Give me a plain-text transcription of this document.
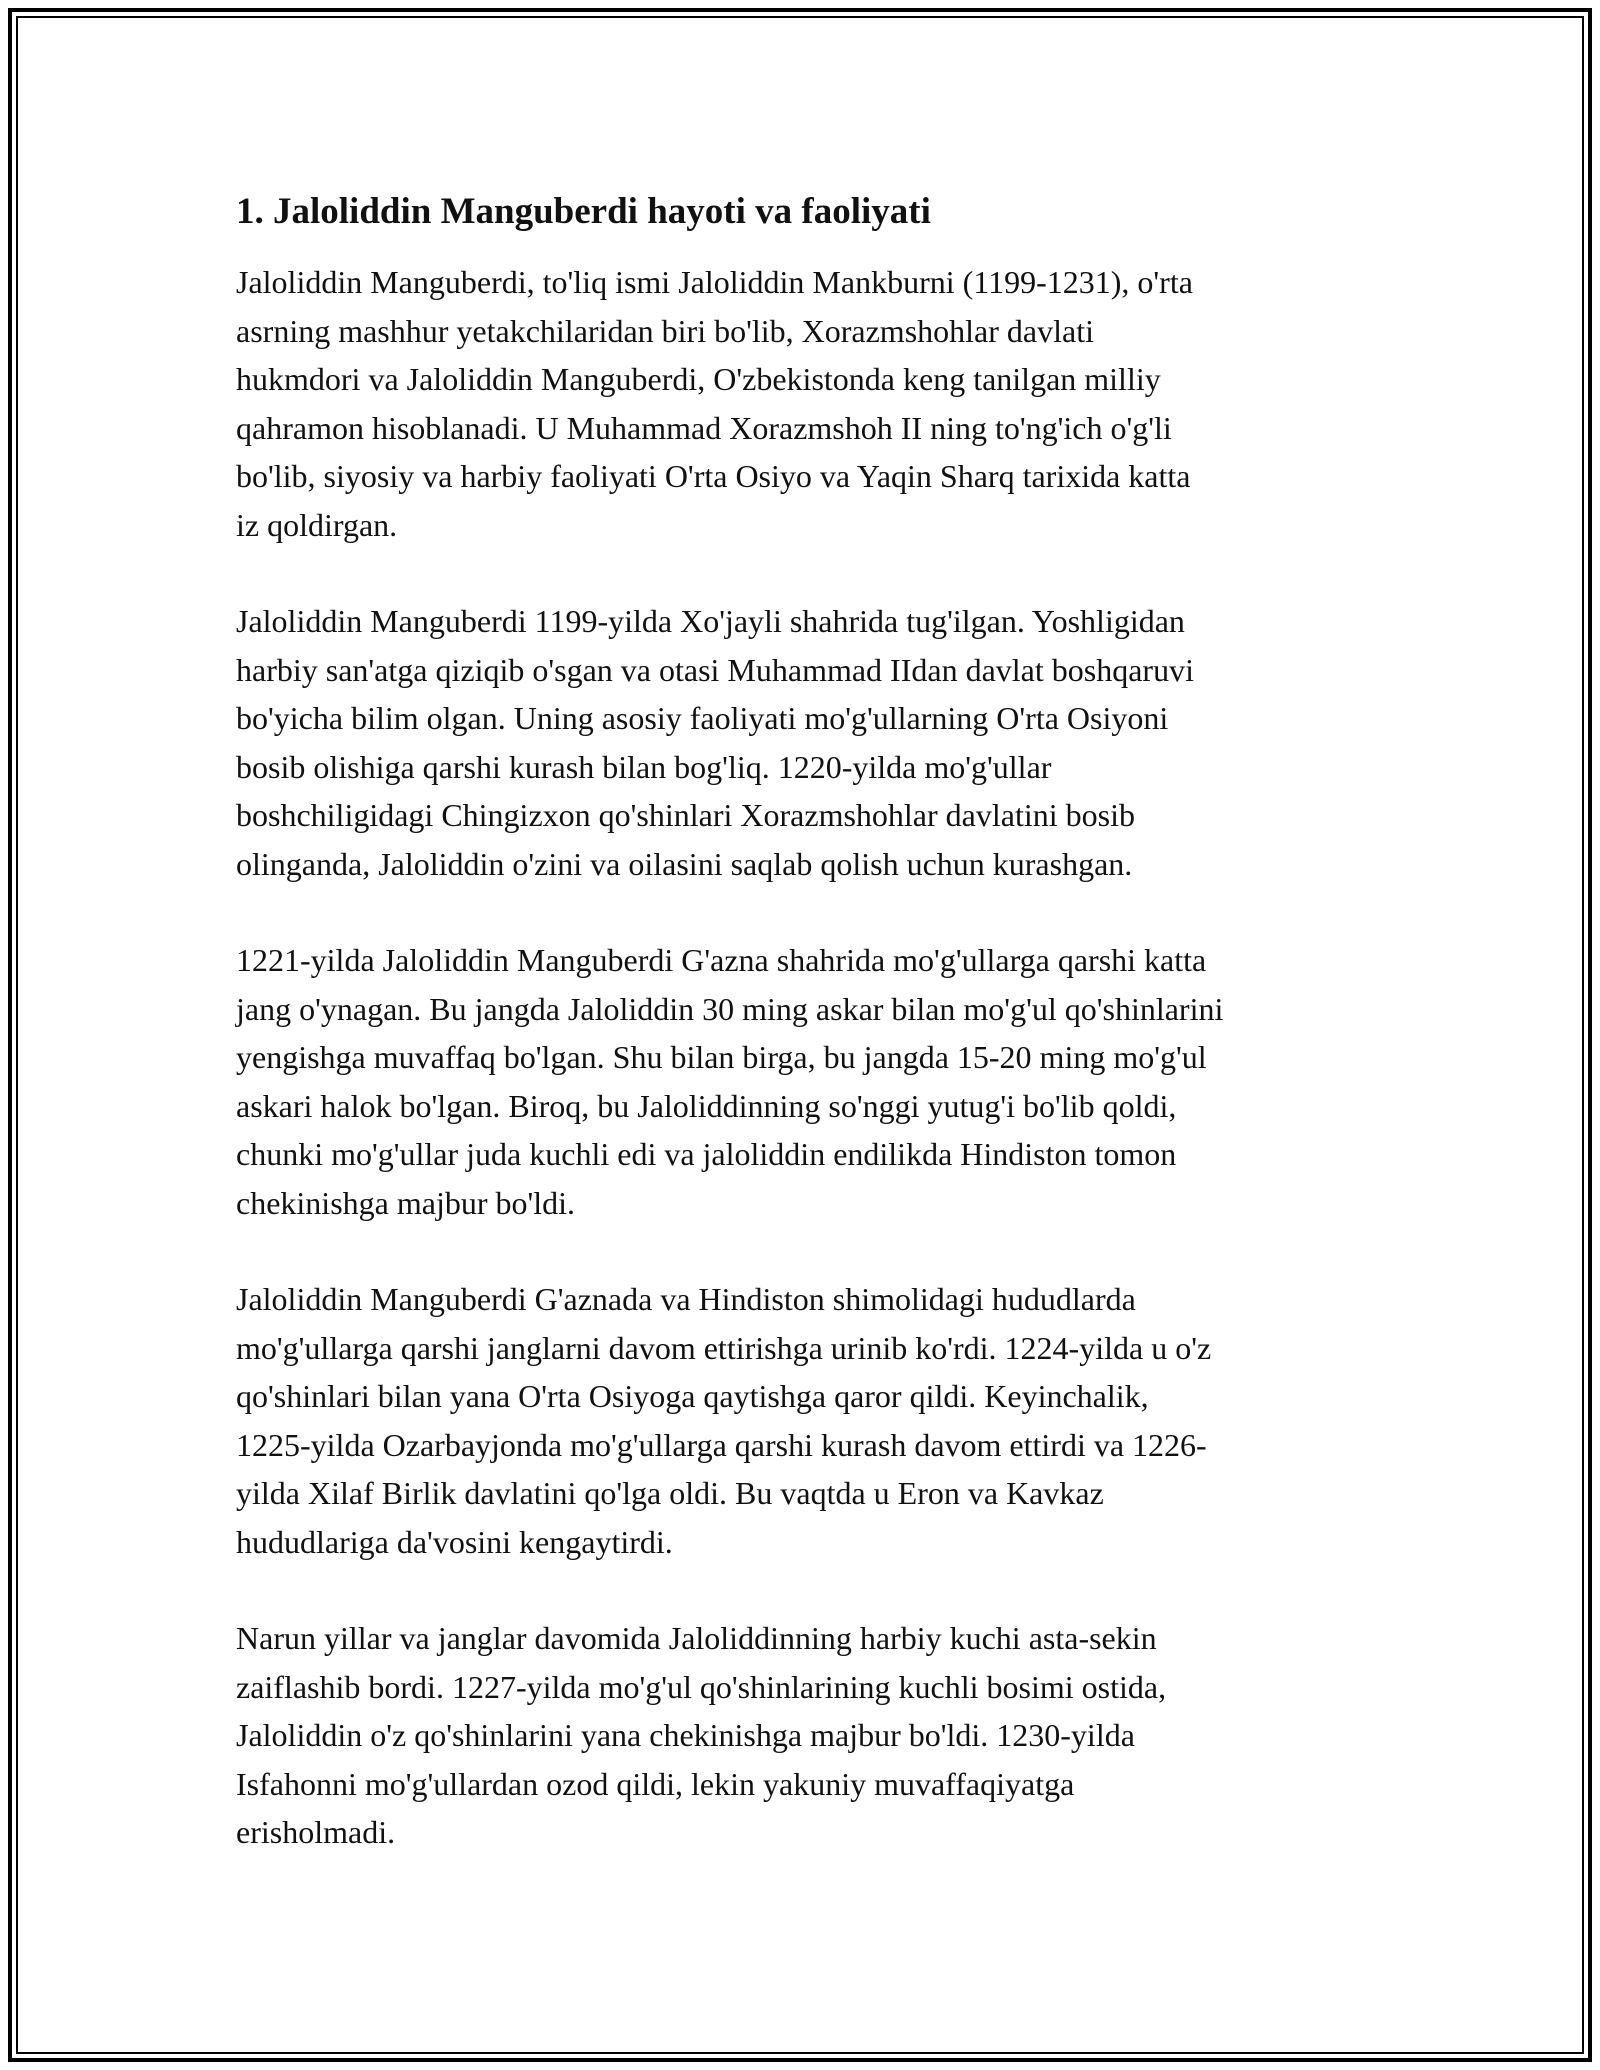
1. Jaloliddin Manguberdi hayoti va faoliyati

Jaloliddin Manguberdi, to'liq ismi Jaloliddin Mankburni (1199-1231), o'rta
asrning mashhur yetakchilaridan biri bo'lib, Xorazmshohlar davlati
hukmdori va Jaloliddin Manguberdi, O'zbekistonda keng tanilgan milliy
qahramon hisoblanadi. U Muhammad Xorazmshoh II ning to'ng'ich o'g'li
bo'lib, siyosiy va harbiy faoliyati O'rta Osiyo va Yaqin Sharq tarixida katta
iz qoldirgan.

Jaloliddin Manguberdi 1199-yilda Xo'jayli shahrida tug'ilgan. Yoshligidan
harbiy san'atga qiziqib o'sgan va otasi Muhammad IIdan davlat boshqaruvi
bo'yicha bilim olgan. Uning asosiy faoliyati mo'g'ullarning O'rta Osiyoni
bosib olishiga qarshi kurash bilan bog'liq. 1220-yilda mo'g'ullar
boshchiligidagi Chingizxon qo'shinlari Xorazmshohlar davlatini bosib
olinganda, Jaloliddin o'zini va oilasini saqlab qolish uchun kurashgan.

1221-yilda Jaloliddin Manguberdi G'azna shahrida mo'g'ullarga qarshi katta
jang o'ynagan. Bu jangda Jaloliddin 30 ming askar bilan mo'g'ul qo'shinlarini
yengishga muvaffaq bo'lgan. Shu bilan birga, bu jangda 15-20 ming mo'g'ul
askari halok bo'lgan. Biroq, bu Jaloliddinning so'nggi yutug'i bo'lib qoldi,
chunki mo'g'ullar juda kuchli edi va jaloliddin endilikda Hindiston tomon
chekinishga majbur bo'ldi.

Jaloliddin Manguberdi G'aznada va Hindiston shimolidagi hududlarda
mo'g'ullarga qarshi janglarni davom ettirishga urinib ko'rdi. 1224-yilda u o'z
qo'shinlari bilan yana O'rta Osiyoga qaytishga qaror qildi. Keyinchalik,
1225-yilda Ozarbayjonda mo'g'ullarga qarshi kurash davom ettirdi va 1226-
yilda Xilaf Birlik davlatini qo'lga oldi. Bu vaqtda u Eron va Kavkaz
hududlariga da'vosini kengaytirdi.

Narun yillar va janglar davomida Jaloliddinning harbiy kuchi asta-sekin
zaiflashib bordi. 1227-yilda mo'g'ul qo'shinlarining kuchli bosimi ostida,
Jaloliddin o'z qo'shinlarini yana chekinishga majbur bo'ldi. 1230-yilda
Isfahonni mo'g'ullardan ozod qildi, lekin yakuniy muvaffaqiyatga
erisholmadi.
